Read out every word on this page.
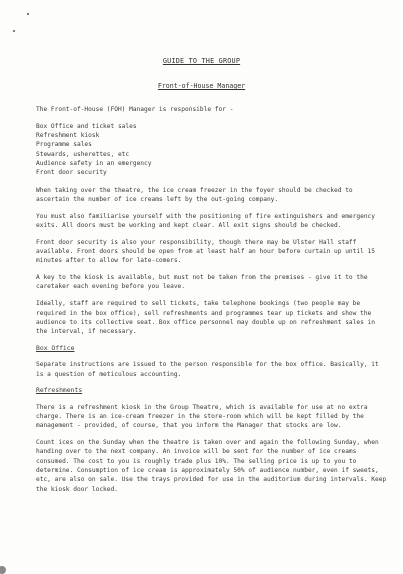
GUIDE TO THE GROUP
Front-of-House Manager

The Front-of-House (FOH) Manager is responsible for -

Box Office and ticket sales
Refreshment kiosk
Programme sales
Stewards, usherettes, etc
Audience safety in an emergency
Front door security

When taking over the theatre, the ice cream freezer in the foyer should be checked to ascertain the number of ice creams left by the out-going company.

You must also familiarise yourself with the positioning of fire extinguishers and emergency exits. All doors must be working and kept clear. All exit signs should be checked.

Front door security is also your responsibility, though there may be Ulster Hall staff available. Front doors should be open from at least half an hour before curtain up until 15 minutes after to allow for late-comers.

A key to the kiosk is available, but must not be taken from the premises - give it to the caretaker each evening before you leave.

Ideally, staff are required to sell tickets, take telephone bookings (two people may be required in the box office), sell refreshments and programmes tear up tickets and show the audience to its collective seat. Box office personnel may double up on refreshment sales in the interval, if necessary.

Box Office

Separate instructions are issued to the person responsible for the box office. Basically, it is a question of meticulous accounting.

Refreshments

There is a refreshment kiosk in the Group Theatre, which is available for use at no extra charge. There is an ice-cream freezer in the store-room which will be kept filled by the management - provided, of course, that you inform the Manager that stocks are low.

Count ices on the Sunday when the theatre is taken over and again the following Sunday, when handing over to the next company. An invoice will be sent for the number of ice creams consumed. The cost to you is roughly trade plus 10%. The selling price is up to you to determine. Consumption of ice cream is approximately 50% of audience number, even if sweets, etc, are also on sale. Use the trays provided for use in the auditorium during intervals. Keep the kiosk door locked.
